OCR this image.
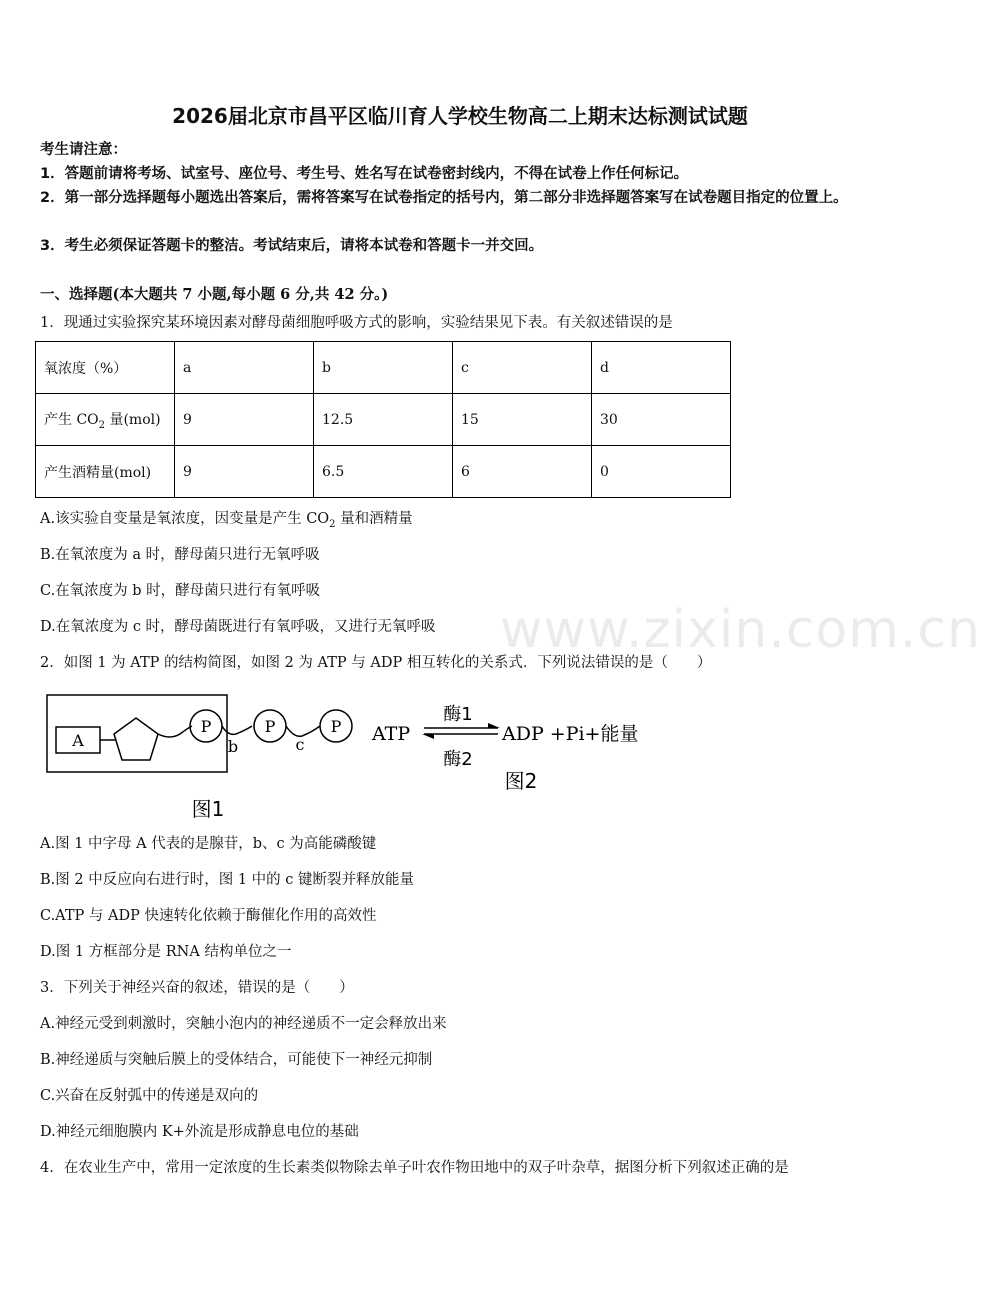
www.zixin.com.cn
2026届北京市昌平区临川育人学校生物高二上期末达标测试试题
考生请注意：
1．答题前请将考场、试室号、座位号、考生号、姓名写在试卷密封线内，不得在试卷上作任何标记。
2．第一部分选择题每小题选出答案后，需将答案写在试卷指定的括号内，第二部分非选择题答案写在试卷题目指定的位置上。
3．考生必须保证答题卡的整洁。考试结束后，请将本试卷和答题卡一并交回。
一、选择题(本大题共 7 小题,每小题 6 分,共 42 分。)
1．现通过实验探究某环境因素对酵母菌细胞呼吸方式的影响，实验结果见下表。有关叙述错误的是
氧浓度（%）	a	b	c	d
产生 $CO_2$ 量(mol)	9	12.5	15	30
产生酒精量(mol)	9	6.5	6	0
A.该实验自变量是氧浓度，因变量是产生 $CO_2$ 量和酒精量
B.在氧浓度为 a 时，酵母菌只进行无氧呼吸
C.在氧浓度为 b 时，酵母菌只进行有氧呼吸
D.在氧浓度为 c 时，酵母菌既进行有氧呼吸，又进行无氧呼吸
2．如图 1 为 ATP 的结构简图，如图 2 为 ATP 与 ADP 相互转化的关系式．下列说法错误的是（　　）
A
P
b
P
c
P
图1
ATP
酶1
酶2
ADP +Pi+能量
图2
A.图 1 中字母 A 代表的是腺苷，b、c 为高能磷酸键
B.图 2 中反应向右进行时，图 1 中的 c 键断裂并释放能量
C.ATP 与 ADP 快速转化依赖于酶催化作用的高效性
D.图 1 方框部分是 RNA 结构单位之一
3．下列关于神经兴奋的叙述，错误的是（　　）
A.神经元受到刺激时，突触小泡内的神经递质不一定会释放出来
B.神经递质与突触后膜上的受体结合，可能使下一神经元抑制
C.兴奋在反射弧中的传递是双向的
D.神经元细胞膜内 K+外流是形成静息电位的基础
4．在农业生产中，常用一定浓度的生长素类似物除去单子叶农作物田地中的双子叶杂草，据图分析下列叙述正确的是
